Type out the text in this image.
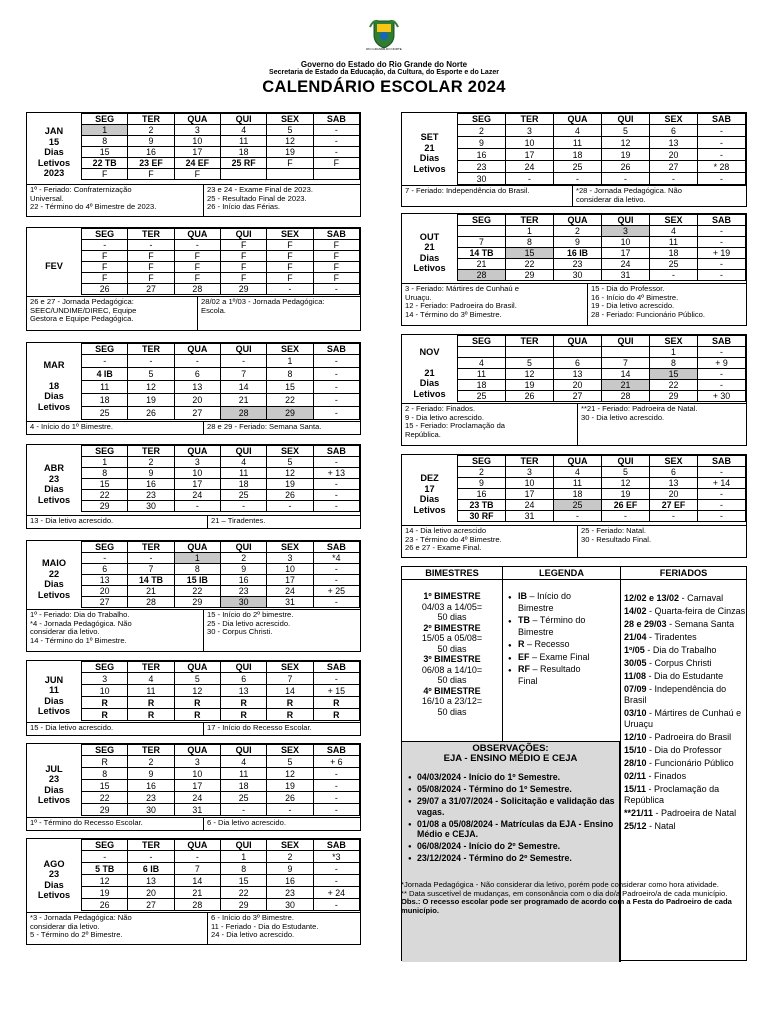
RIO GRANDE DO NORTE
Governo do Estado do Rio Grande do Norte
Secretaria de Estado da Educação, da Cultura, do Esporte e do Lazer
CALENDÁRIO ESCOLAR 2024
JAN
15
Dias
Letivos
2023
SEG	TER	QUA	QUI	SEX	SAB
1	2	3	4	5	-
8	9	10	11	12	-
15	16	17	18	19	-
22 TB	23 EF	24 EF	25 RF	F	F
F	F	F			
1º - Feriado: Confraternização
Universal.
22 - Término do 4º Bimestre de 2023.
23 e 24 - Exame Final de 2023.
25 - Resultado Final de 2023.
26 - Início das Férias.
FEV
SEG	TER	QUA	QUI	SEX	SAB
-	-	-	F	F	F
F	F	F	F	F	F
F	F	F	F	F	F
F	F	F	F	F	F
26	27	28	29	-	-
26 e 27 - Jornada Pedagógica:
SEEC/UNDIME/DIREC, Equipe
Gestora e Equipe Pedagógica.
28/02 a 1º/03 - Jornada Pedagógica:
Escola.
MAR
18
Dias
Letivos
SEG	TER	QUA	QUI	SEX	SAB
-	-	-	-	1	-
4 IB	5	6	7	8	-
11	12	13	14	15	-
18	19	20	21	22	-
25	26	27	28	29	-
4 - Início do 1º Bimestre.	28 e 29 - Feriado: Semana Santa.
ABR
23
Dias
Letivos
SEG	TER	QUA	QUI	SEX	SAB
1	2	3	4	5	-
8	9	10	11	12	+ 13
15	16	17	18	19	-
22	23	24	25	26	-
29	30	-	-	-	-
13 - Dia letivo acrescido.	21 – Tiradentes.
MAIO
22
Dias
Letivos
SEG	TER	QUA	QUI	SEX	SAB
-	-	1	2	3	*4
6	7	8	9	10	-
13	14 TB	15 IB	16	17	-
20	21	22	23	24	+ 25
27	28	29	30	31	-
1º - Feriado: Dia do Trabalho.
*4 - Jornada Pedagógica. Não
considerar dia letivo.
14 - Término do 1º Bimestre.
15 - Início do 2º bimestre.
25 - Dia letivo acrescido.
30 - Corpus Christi.
JUN
11
Dias
Letivos
SEG	TER	QUA	QUI	SEX	SAB
3	4	5	6	7	-
10	11	12	13	14	+ 15
R	R	R	R	R	R
R	R	R	R	R	R
15 - Dia letivo acrescido.	17 - Início do Recesso Escolar.
JUL
23
Dias
Letivos
SEG	TER	QUA	QUI	SEX	SAB
R	2	3	4	5	+ 6
8	9	10	11	12	-
15	16	17	18	19	-
22	23	24	25	26	-
29	30	31	-	-	-
1º - Término do Recesso Escolar.	6 - Dia letivo acrescido.
AGO
23
Dias
Letivos
SEG	TER	QUA	QUI	SEX	SAB
-	-	-	1	2	*3
5 TB	6 IB	7	8	9	-
12	13	14	15	16	-
19	20	21	22	23	+ 24
26	27	28	29	30	-
*3 - Jornada Pedagógica: Não
considerar dia letivo.
5 - Término do 2º Bimestre.
6 - Início do 3º Bimestre.
11 - Feriado - Dia do Estudante.
24 - Dia letivo acrescido.
SET
21
Dias
Letivos
SEG	TER	QUA	QUI	SEX	SAB
2	3	4	5	6	-
9	10	11	12	13	-
16	17	18	19	20	-
23	24	25	26	27	* 28
30	-	-	-	-	-
7 - Feriado: Independência do Brasil.	*28 - Jornada Pedagógica. Não
considerar dia letivo.
OUT
21
Dias
Letivos
SEG	TER	QUA	QUI	SEX	SAB
	1	2	3	4	-
7	8	9	10	11	-
14 TB	15	16 IB	17	18	+ 19
21	22	23	24	25	-
28	29	30	31	-	-
3 - Feriado: Mártires de Cunhaú e
Uruaçu.
12 - Feriado: Padroeira do Brasil.
14 - Término do 3º Bimestre.
15 - Dia do Professor.
16 - Início do 4º Bimestre.
19 - Dia letivo acrescido.
28 - Feriado: Funcionário Público.
NOV
21
Dias
Letivos
SEG	TER	QUA	QUI	SEX	SAB
				1	-
4	5	6	7	8	+ 9
11	12	13	14	15	-
18	19	20	21	22	-
25	26	27	28	29	+ 30
2 - Feriado: Finados.
9 - Dia letivo acrescido.
15 - Feriado: Proclamação da
República.
**21 - Feriado: Padroeira de Natal.
30 - Dia letivo acrescido.
DEZ
17
Dias
Letivos
SEG	TER	QUA	QUI	SEX	SAB
2	3	4	5	6	-
9	10	11	12	13	+ 14
16	17	18	19	20	-
23 TB	24	25	26 EF	27 EF	-
30 RF	31	-	-	-	-
14 - Dia letivo acrescido
23 - Término do 4º Bimestre.
26 e 27 - Exame Final.
25 - Feriado: Natal.
30 - Resultado Final.
BIMESTRES	LEGENDA	FERIADOS
1º BIMESTRE
04/03 a 14/05=
50 dias
2º BIMESTRE
15/05 a 05/08=
50 dias
3º BIMESTRE
06/08 a 14/10=
50 dias
4º BIMESTRE
16/10 a 23/12=
50 dias
● IB – Início do
Bimestre
● TB – Término do
Bimestre
● R – Recesso
● EF – Exame Final
● RF – Resultado
Final
12/02 e 13/02 - Carnaval
14/02 - Quarta-feira de Cinzas
28 e 29/03 - Semana Santa
21/04 - Tiradentes
1º/05 - Dia do Trabalho
30/05 - Corpus Christi
11/08 - Dia do Estudante
07/09 - Independência do Brasil
03/10 - Mártires de Cunhaú e Uruaçu
12/10 - Padroeira do Brasil
15/10 - Dia do Professor
28/10 - Funcionário Público
02/11 - Finados
15/11 - Proclamação da República
**21/11 - Padroeira de Natal
25/12 - Natal
OBSERVAÇÕES:
EJA - ENSINO MÉDIO E CEJA
● 04/03/2024 - Início do 1º Semestre.
● 05/08/2024 - Término do 1º Semestre.
● 29/07 a 31/07/2024 - Solicitação e validação das vagas.
● 01/08 a 05/08/2024 - Matrículas da EJA - Ensino Médio e CEJA.
● 06/08/2024 - Início do 2º Semestre.
● 23/12/2024 - Término do 2º Semestre.
*Jornada Pedagógica - Não considerar dia letivo, porém pode considerar como hora atividade.
** Data suscetível de mudanças, em consonância com o dia do/a Padroeiro/a de cada município.
Obs.: O recesso escolar pode ser programado de acordo com a Festa do Padroeiro de cada município.
